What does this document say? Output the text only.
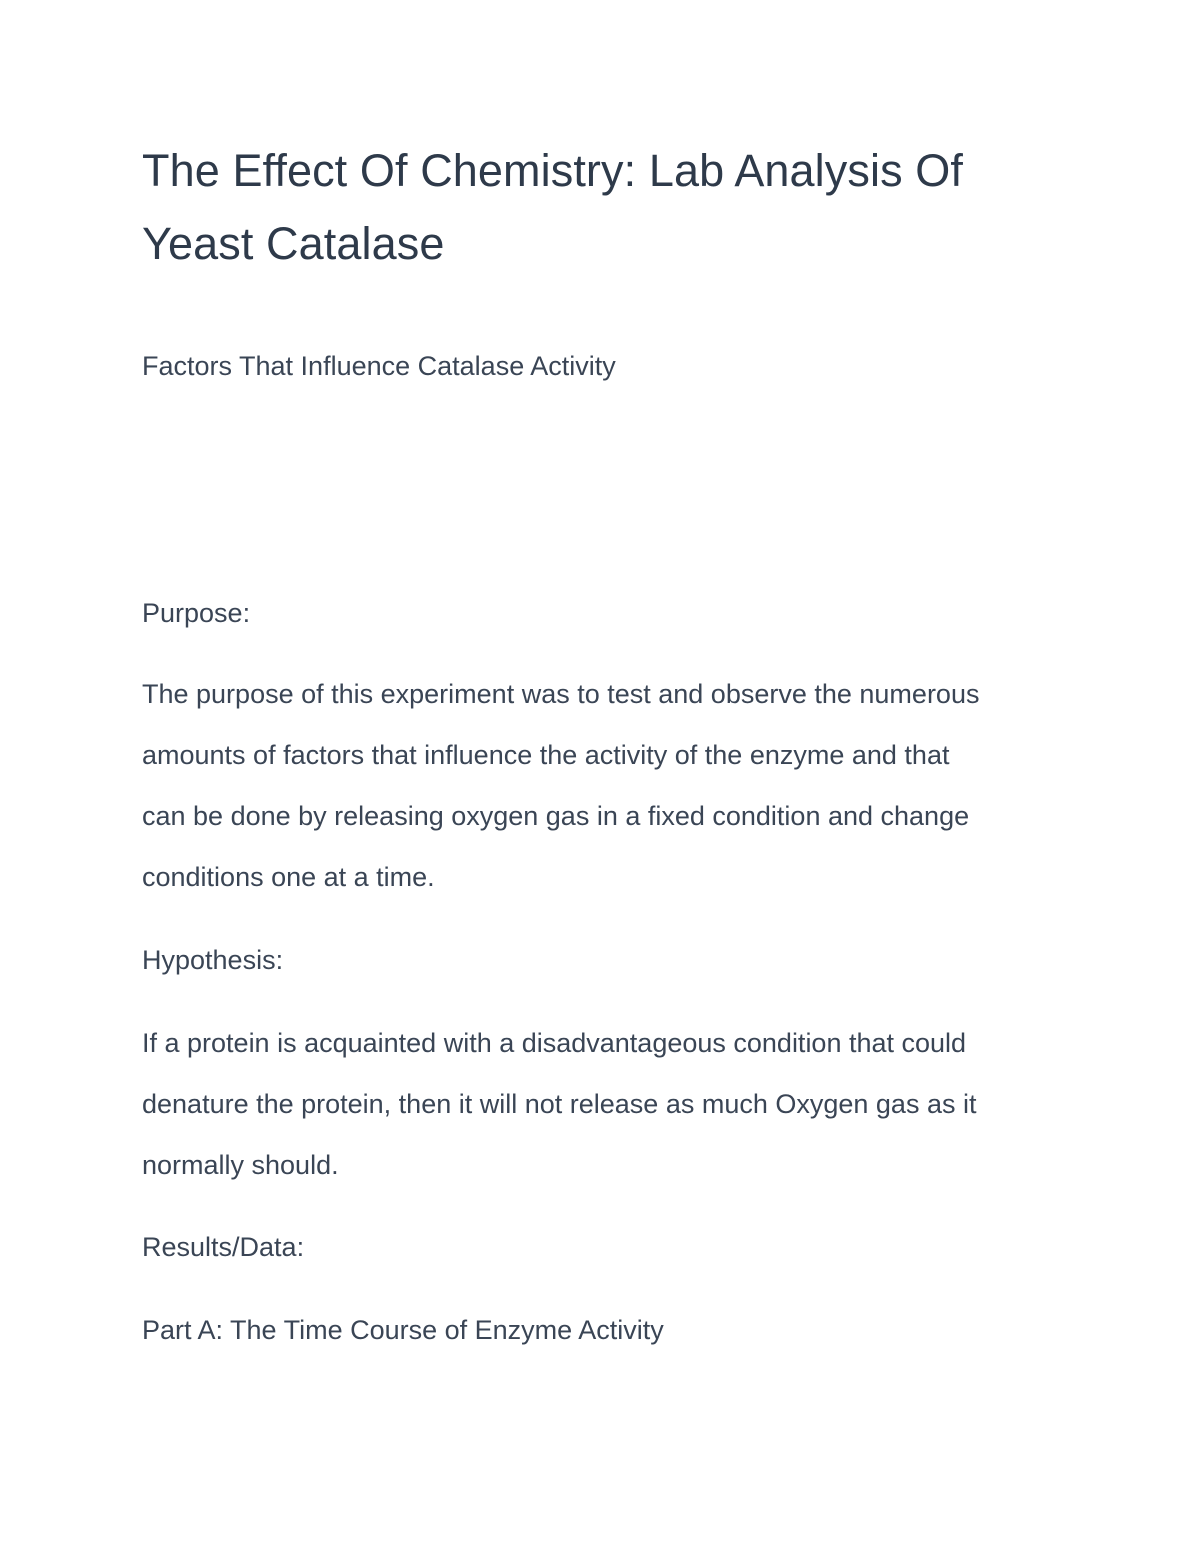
The Effect Of Chemistry: Lab Analysis Of
Yeast Catalase

Factors That Influence Catalase Activity

Purpose:

The purpose of this experiment was to test and observe the numerous
amounts of factors that influence the activity of the enzyme and that
can be done by releasing oxygen gas in a fixed condition and change
conditions one at a time.

Hypothesis:

If a protein is acquainted with a disadvantageous condition that could
denature the protein, then it will not release as much Oxygen gas as it
normally should.

Results/Data:

Part A: The Time Course of Enzyme Activity
